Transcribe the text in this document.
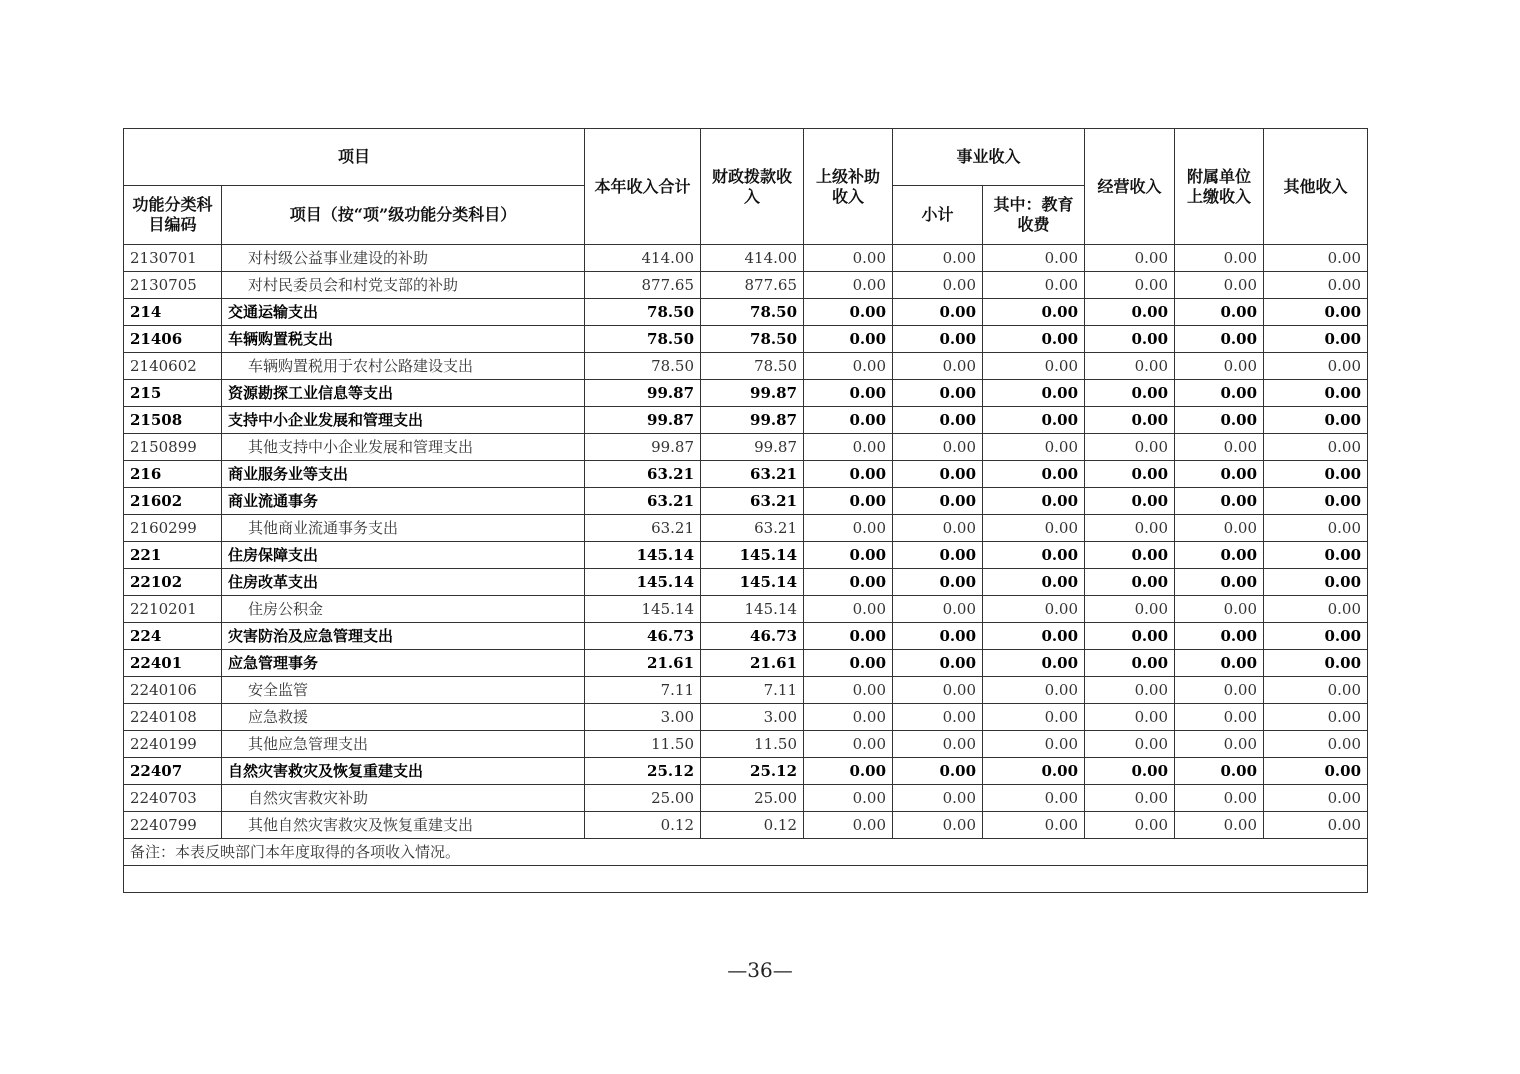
项目		本年收入合计	财政拨款收入	上级补助收入	事业收入		经营收入	附属单位上缴收入	其他收入
功能分类科目编码	项目（按“项”级功能分类科目）				小计	其中：教育收费			

2130701	对村级公益事业建设的补助	414.00	414.00	0.00	0.00	0.00	0.00	0.00	0.00
2130705	对村民委员会和村党支部的补助	877.65	877.65	0.00	0.00	0.00	0.00	0.00	0.00
214	交通运输支出	78.50	78.50	0.00	0.00	0.00	0.00	0.00	0.00
21406	车辆购置税支出	78.50	78.50	0.00	0.00	0.00	0.00	0.00	0.00
2140602	车辆购置税用于农村公路建设支出	78.50	78.50	0.00	0.00	0.00	0.00	0.00	0.00
215	资源勘探工业信息等支出	99.87	99.87	0.00	0.00	0.00	0.00	0.00	0.00
21508	支持中小企业发展和管理支出	99.87	99.87	0.00	0.00	0.00	0.00	0.00	0.00
2150899	其他支持中小企业发展和管理支出	99.87	99.87	0.00	0.00	0.00	0.00	0.00	0.00
216	商业服务业等支出	63.21	63.21	0.00	0.00	0.00	0.00	0.00	0.00
21602	商业流通事务	63.21	63.21	0.00	0.00	0.00	0.00	0.00	0.00
2160299	其他商业流通事务支出	63.21	63.21	0.00	0.00	0.00	0.00	0.00	0.00
221	住房保障支出	145.14	145.14	0.00	0.00	0.00	0.00	0.00	0.00
22102	住房改革支出	145.14	145.14	0.00	0.00	0.00	0.00	0.00	0.00
2210201	住房公积金	145.14	145.14	0.00	0.00	0.00	0.00	0.00	0.00
224	灾害防治及应急管理支出	46.73	46.73	0.00	0.00	0.00	0.00	0.00	0.00
22401	应急管理事务	21.61	21.61	0.00	0.00	0.00	0.00	0.00	0.00
2240106	安全监管	7.11	7.11	0.00	0.00	0.00	0.00	0.00	0.00
2240108	应急救援	3.00	3.00	0.00	0.00	0.00	0.00	0.00	0.00
2240199	其他应急管理支出	11.50	11.50	0.00	0.00	0.00	0.00	0.00	0.00
22407	自然灾害救灾及恢复重建支出	25.12	25.12	0.00	0.00	0.00	0.00	0.00	0.00
2240703	自然灾害救灾补助	25.00	25.00	0.00	0.00	0.00	0.00	0.00	0.00
2240799	其他自然灾害救灾及恢复重建支出	0.12	0.12	0.00	0.00	0.00	0.00	0.00	0.00
备注：本表反映部门本年度取得的各项收入情况。									

—36—
